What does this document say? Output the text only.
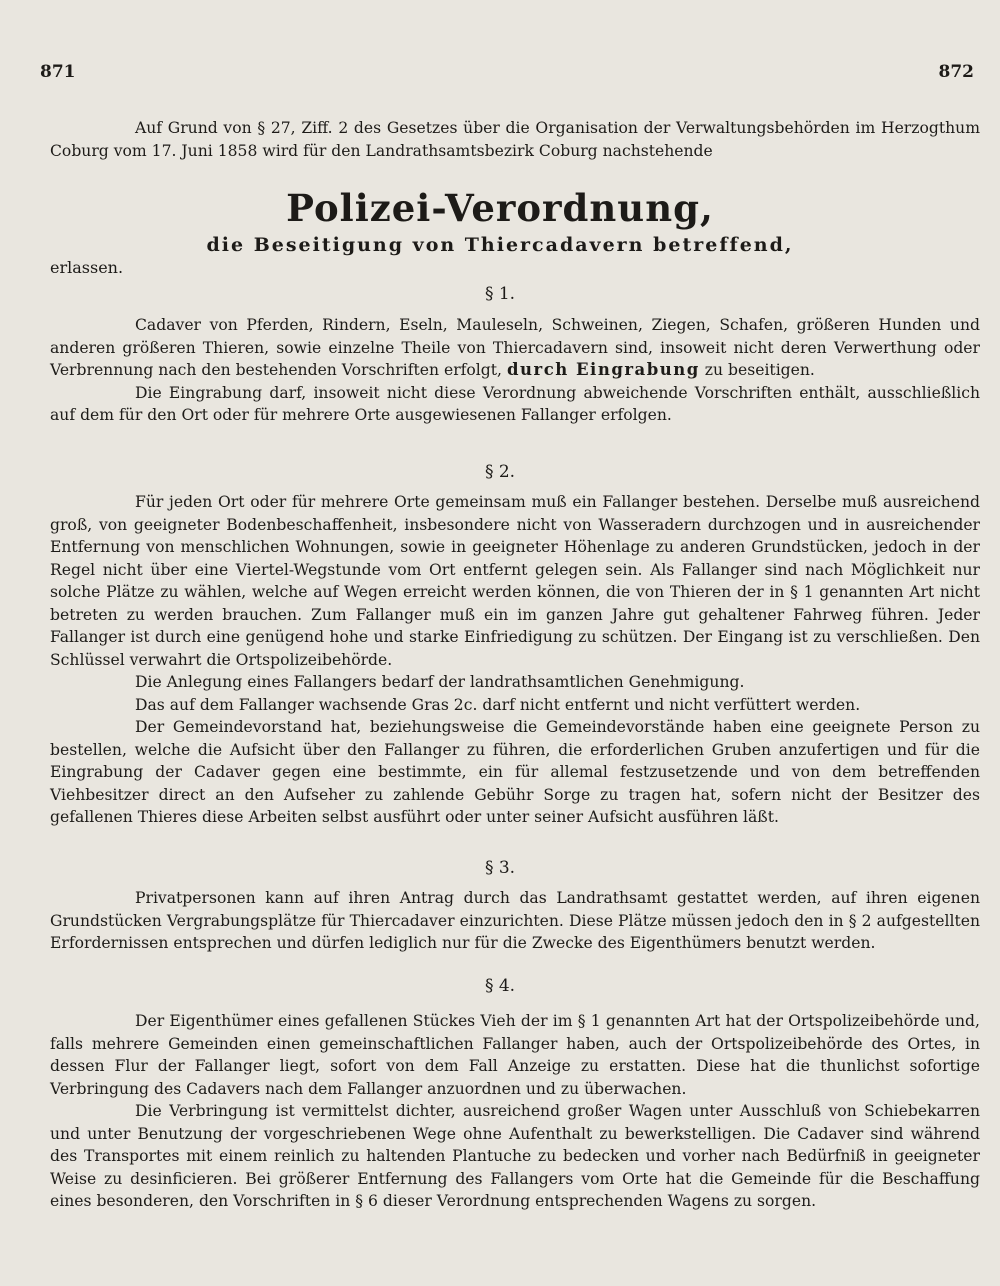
871	872

Auf Grund von § 27, Ziff. 2 des Gesetzes über die Organisation der Verwaltungsbehörden im Herzogthum Coburg vom 17. Juni 1858 wird für den Landrathsamtsbezirk Coburg nachstehende

Polizei-Verordnung,
die Beseitigung von Thiercadavern betreffend,
erlassen.
§ 1.

Cadaver von Pferden, Rindern, Eseln, Mauleseln, Schweinen, Ziegen, Schafen, größeren Hunden und anderen größeren Thieren, sowie einzelne Theile von Thiercadavern sind, insoweit nicht deren Verwerthung oder Verbrennung nach den bestehenden Vorschriften erfolgt, durch Eingrabung zu beseitigen.

Die Eingrabung darf, insoweit nicht diese Verordnung abweichende Vorschriften enthält, ausschließlich auf dem für den Ort oder für mehrere Orte ausgewiesenen Fallanger erfolgen.

§ 2.

Für jeden Ort oder für mehrere Orte gemeinsam muß ein Fallanger bestehen. Derselbe muß ausreichend groß, von geeigneter Bodenbeschaffenheit, insbesondere nicht von Wasseradern durchzogen und in ausreichender Entfernung von menschlichen Wohnungen, sowie in geeigneter Höhenlage zu anderen Grundstücken, jedoch in der Regel nicht über eine Viertel-Wegstunde vom Ort entfernt gelegen sein. Als Fallanger sind nach Möglichkeit nur solche Plätze zu wählen, welche auf Wegen erreicht werden können, die von Thieren der in § 1 genannten Art nicht betreten zu werden brauchen. Zum Fallanger muß ein im ganzen Jahre gut gehaltener Fahrweg führen. Jeder Fallanger ist durch eine genügend hohe und starke Einfriedigung zu schützen. Der Eingang ist zu verschließen. Den Schlüssel verwahrt die Ortspolizeibehörde.

Die Anlegung eines Fallangers bedarf der landrathsamtlichen Genehmigung.

Das auf dem Fallanger wachsende Gras 2c. darf nicht entfernt und nicht verfüttert werden.

Der Gemeindevorstand hat, beziehungsweise die Gemeindevorstände haben eine geeignete Person zu bestellen, welche die Aufsicht über den Fallanger zu führen, die erforderlichen Gruben anzufertigen und für die Eingrabung der Cadaver gegen eine bestimmte, ein für allemal festzusetzende und von dem betreffenden Viehbesitzer direct an den Aufseher zu zahlende Gebühr Sorge zu tragen hat, sofern nicht der Besitzer des gefallenen Thieres diese Arbeiten selbst ausführt oder unter seiner Aufsicht ausführen läßt.

§ 3.

Privatpersonen kann auf ihren Antrag durch das Landrathsamt gestattet werden, auf ihren eigenen Grundstücken Vergrabungsplätze für Thiercadaver einzurichten. Diese Plätze müssen jedoch den in § 2 aufgestellten Erfordernissen entsprechen und dürfen lediglich nur für die Zwecke des Eigenthümers benutzt werden.

§ 4.

Der Eigenthümer eines gefallenen Stückes Vieh der im § 1 genannten Art hat der Ortspolizeibehörde und, falls mehrere Gemeinden einen gemeinschaftlichen Fallanger haben, auch der Ortspolizeibehörde des Ortes, in dessen Flur der Fallanger liegt, sofort von dem Fall Anzeige zu erstatten. Diese hat die thunlichst sofortige Verbringung des Cadavers nach dem Fallanger anzuordnen und zu überwachen.

Die Verbringung ist vermittelst dichter, ausreichend großer Wagen unter Ausschluß von Schiebekarren und unter Benutzung der vorgeschriebenen Wege ohne Aufenthalt zu bewerkstelligen. Die Cadaver sind während des Transportes mit einem reinlich zu haltenden Plantuche zu bedecken und vorher nach Bedürfniß in geeigneter Weise zu desinficieren. Bei größerer Entfernung des Fallangers vom Orte hat die Gemeinde für die Beschaffung eines besonderen, den Vorschriften in § 6 dieser Verordnung entsprechenden Wagens zu sorgen.
